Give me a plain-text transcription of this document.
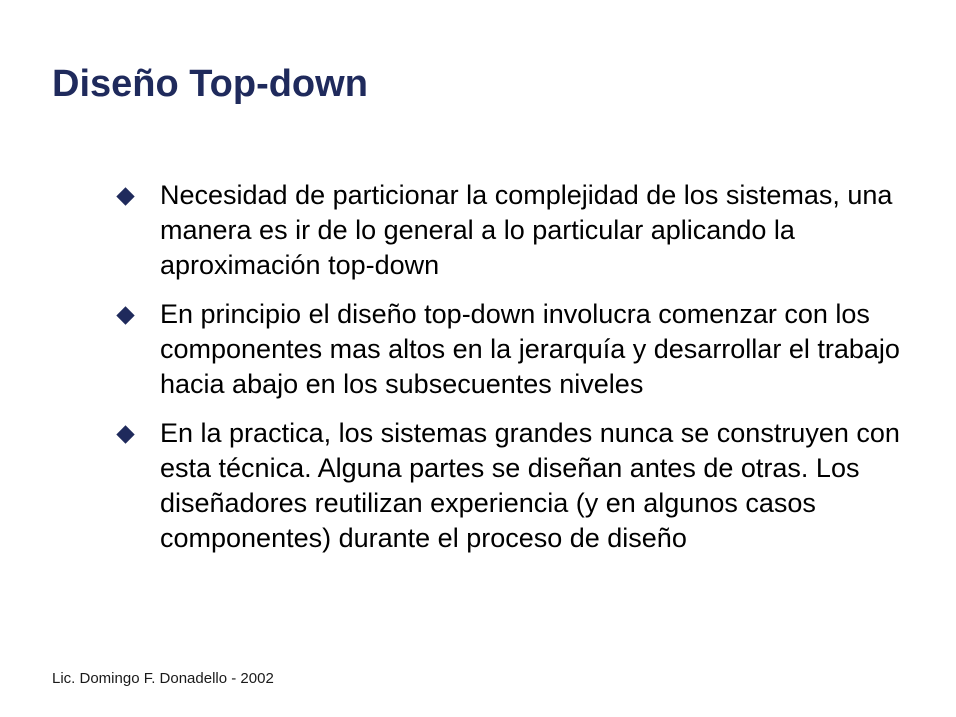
Diseño Top-down
Necesidad de particionar la complejidad de los sistemas, una manera es ir de lo general a lo particular aplicando la aproximación top-down
En principio el diseño top-down involucra comenzar con los componentes mas altos en la jerarquía y desarrollar el trabajo hacia abajo en los subsecuentes niveles
En la practica, los sistemas grandes nunca se construyen con esta técnica. Alguna partes se diseñan antes de otras. Los diseñadores reutilizan experiencia (y en algunos casos componentes) durante el proceso de diseño
Lic. Domingo F. Donadello - 2002
